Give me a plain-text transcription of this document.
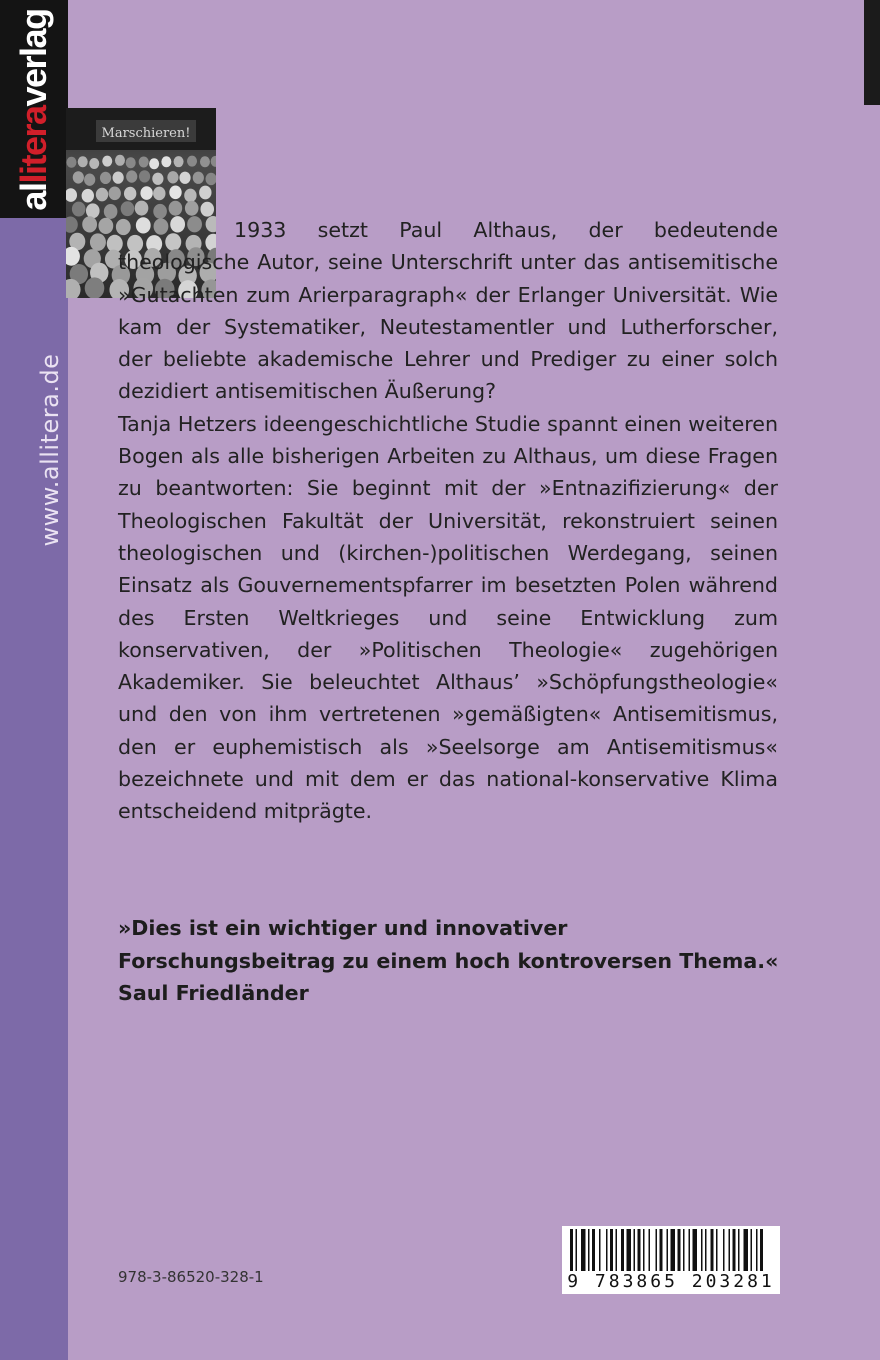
alliteraverlag
www.allitera.de
Marschieren!

1933 setzt Paul Althaus, der bedeutende theologische Autor, seine Unterschrift unter das antisemitische »Gutachten zum Arierparagraph« der Erlanger Universität. Wie kam der Systematiker, Neutestamentler und Lutherforscher, der beliebte akademische Lehrer und Prediger zu einer solch dezidiert antisemitischen Äußerung?

Tanja Hetzers ideengeschichtliche Studie spannt einen weiteren Bogen als alle bisherigen Arbeiten zu Althaus, um diese Fragen zu beantworten: Sie beginnt mit der »Entnazifizierung« der Theologischen Fakultät der Universität, rekonstruiert seinen theologischen und (kirchen-)politischen Werdegang, seinen Einsatz als Gouvernementspfarrer im besetzten Polen während des Ersten Weltkrieges und seine Entwicklung zum konservativen, der »Politischen Theologie« zugehörigen Akademiker. Sie beleuchtet Althaus’ »Schöpfungstheologie« und den von ihm vertretenen »gemäßigten« Antisemitismus, den er euphemistisch als »Seelsorge am Antisemitismus« bezeichnete und mit dem er das national-konservative Klima entscheidend mitprägte.

»Dies ist ein wichtiger und innovativer Forschungsbeitrag zu einem hoch kontroversen Thema.« Saul Friedländer
978-3-86520-328-1	9 783865 203281
